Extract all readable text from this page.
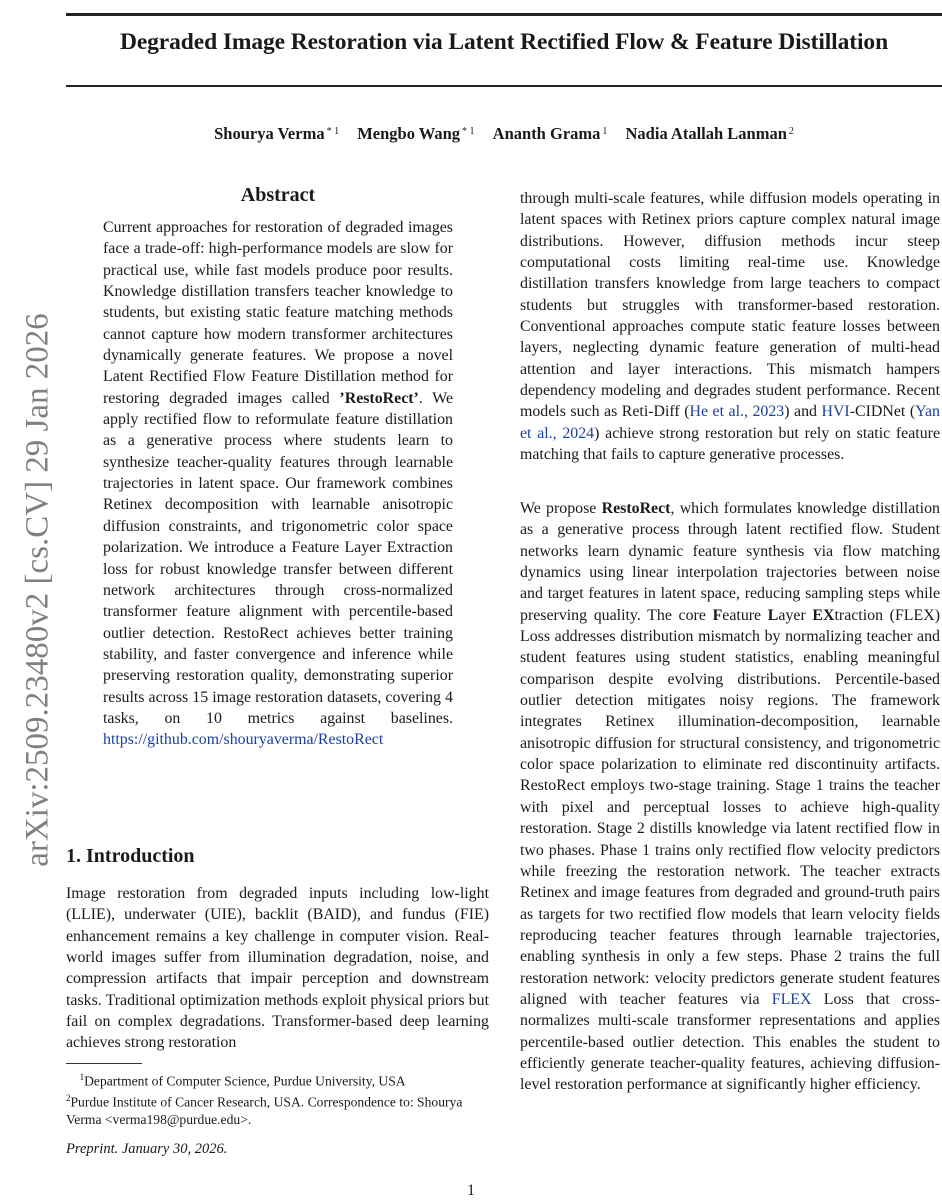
Degraded Image Restoration via Latent Rectified Flow & Feature Distillation
Shourya Verma $^{* 1}$ Mengbo Wang $^{* 1}$ Ananth Grama $^1$ Nadia Atallah Lanman $^2$
arXiv:2509.23480v2 [cs.CV] 29 Jan 2026
Abstract

Current approaches for restoration of degraded images face a trade-off: high-performance models are slow for practical use, while fast models produce poor results. Knowledge distillation transfers teacher knowledge to students, but existing static feature matching methods cannot capture how modern transformer architectures dynamically generate features. We propose a novel Latent Rectified Flow Feature Distillation method for restoring degraded images called ’RestoRect’. We apply rectified flow to reformulate feature distillation as a generative process where students learn to synthesize teacher-quality features through learnable trajectories in latent space. Our framework combines Retinex decomposition with learnable anisotropic diffusion constraints, and trigonometric color space polarization. We introduce a Feature Layer Extraction loss for robust knowledge transfer between different network architectures through cross-normalized transformer feature alignment with percentile-based outlier detection. RestoRect achieves better training stability, and faster convergence and inference while preserving restoration quality, demonstrating superior results across 15 image restoration datasets, covering 4 tasks, on 10 metrics against baselines. https://github.com/shouryaverma/RestoRect

1. Introduction

Image restoration from degraded inputs including low-light (LLIE), underwater (UIE), backlit (BAID), and fundus (FIE) enhancement remains a key challenge in computer vision. Real-world images suffer from illumination degradation, noise, and compression artifacts that impair perception and downstream tasks. Traditional optimization methods exploit physical priors but fail on complex degradations. Transformer-based deep learning achieves strong restoration

through multi-scale features, while diffusion models operating in latent spaces with Retinex priors capture complex natural image distributions. However, diffusion methods incur steep computational costs limiting real-time use. Knowledge distillation transfers knowledge from large teachers to compact students but struggles with transformer-based restoration. Conventional approaches compute static feature losses between layers, neglecting dynamic feature generation of multi-head attention and layer interactions. This mismatch hampers dependency modeling and degrades student performance. Recent models such as Reti-Diff (He et al., 2023) and HVI-CIDNet (Yan et al., 2024) achieve strong restoration but rely on static feature matching that fails to capture generative processes.

We propose RestoRect, which formulates knowledge distillation as a generative process through latent rectified flow. Student networks learn dynamic feature synthesis via flow matching dynamics using linear interpolation trajectories between noise and target features in latent space, reducing sampling steps while preserving quality. The core Feature Layer EXtraction (FLEX) Loss addresses distribution mismatch by normalizing teacher and student features using student statistics, enabling meaningful comparison despite evolving distributions. Percentile-based outlier detection mitigates noisy regions. The framework integrates Retinex illumination-decomposition, learnable anisotropic diffusion for structural consistency, and trigonometric color space polarization to eliminate red discontinuity artifacts. RestoRect employs two-stage training. Stage 1 trains the teacher with pixel and perceptual losses to achieve high-quality restoration. Stage 2 distills knowledge via latent rectified flow in two phases. Phase 1 trains only rectified flow velocity predictors while freezing the restoration network. The teacher extracts Retinex and image features from degraded and ground-truth pairs as targets for two rectified flow models that learn velocity fields reproducing teacher features through learnable trajectories, enabling synthesis in only a few steps. Phase 2 trains the full restoration network: velocity predictors generate student features aligned with teacher features via FLEX Loss that cross-normalizes multi-scale transformer representations and applies percentile-based outlier detection. This enables the student to efficiently generate teacher-quality features, achieving diffusion-level restoration performance at significantly higher efficiency.

$^1$Department of Computer Science, Purdue University, USA
$^2$Purdue Institute of Cancer Research, USA. Correspondence to: Shourya Verma <verma198@purdue.edu>.
Preprint. January 30, 2026.
1
